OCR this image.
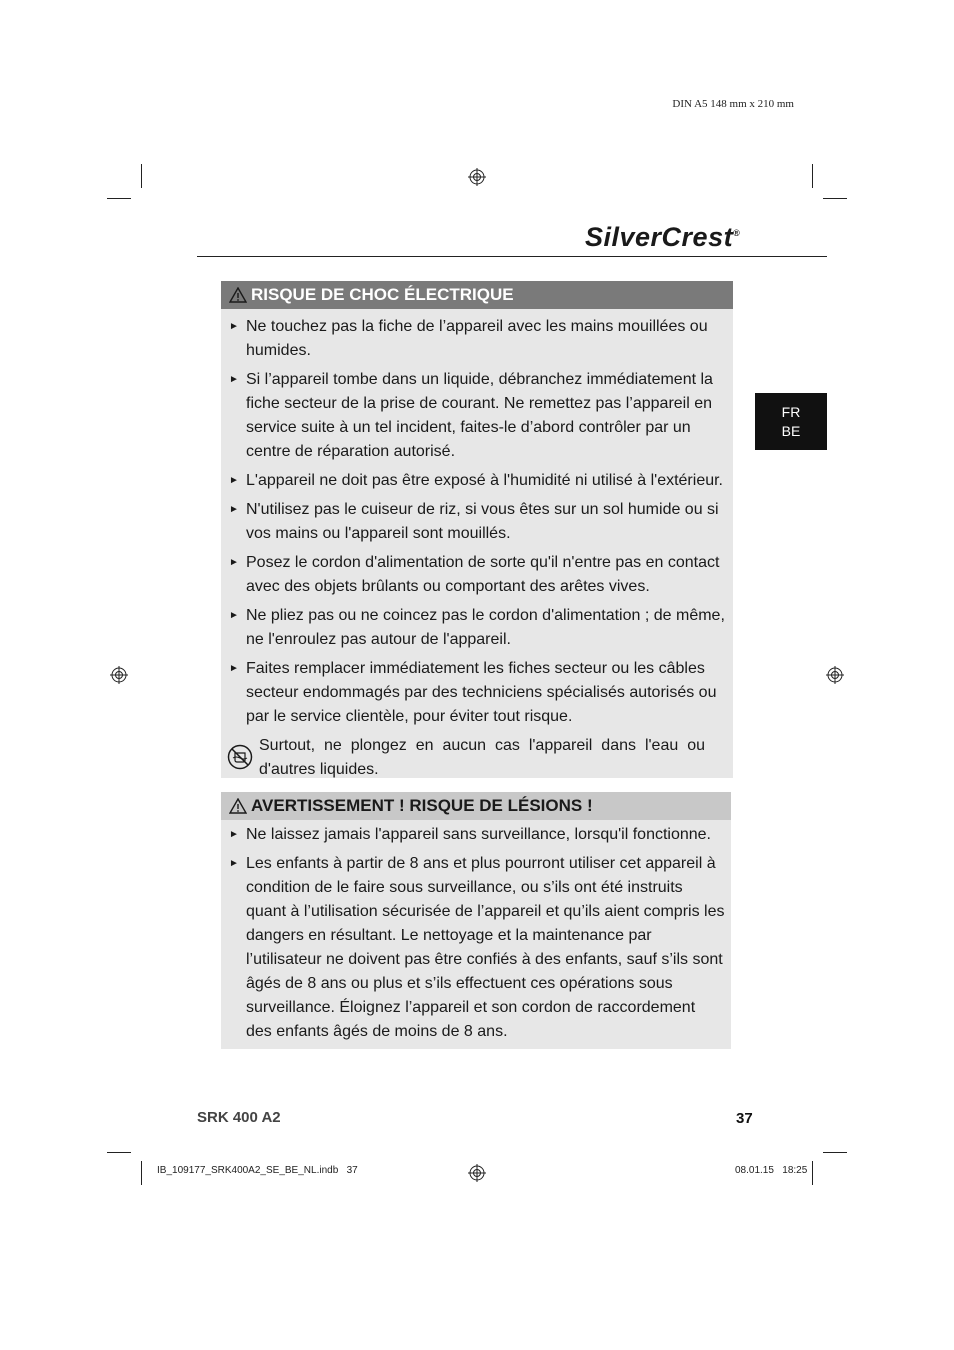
DIN A5 148 mm x 210 mm
SilverCrest®
FR
BE
RISQUE DE CHOC ÉLECTRIQUE
► Ne touchez pas la fiche de l’appareil avec les mains mouillées ou humides.
► Si l’appareil tombe dans un liquide, débranchez immédiatement la fiche secteur de la prise de courant. Ne remettez pas l’appareil en service suite à un tel incident, faites-le d’abord contrôler par un centre de réparation autorisé.
► L'appareil ne doit pas être exposé à l'humidité ni utilisé à l'extérieur.
► N'utilisez pas le cuiseur de riz, si vous êtes sur un sol humide ou si vos mains ou l'appareil sont mouillés.
► Posez le cordon d'alimentation de sorte qu'il n'entre pas en contact avec des objets brûlants ou comportant des arêtes vives.
► Ne pliez pas ou ne coincez pas le cordon d'alimentation ; de même, ne l'enroulez pas autour de l'appareil.
► Faites remplacer immédiatement les fiches secteur ou les câbles secteur endommagés par des techniciens spécialisés autorisés ou par le service clientèle, pour éviter tout risque.
Surtout, ne plongez en aucun cas l'appareil dans l'eau ou d'autres liquides.
AVERTISSEMENT ! RISQUE DE LÉSIONS !
► Ne laissez jamais l'appareil sans surveillance, lorsqu'il fonctionne.
► Les enfants à partir de 8 ans et plus pourront utiliser cet appareil à condition de le faire sous surveillance, ou s’ils ont été instruits quant à l’utilisation sécurisée de l’appareil et qu’ils aient compris les dangers en résultant. Le nettoyage et la maintenance par l’utilisateur ne doivent pas être confiés à des enfants, sauf s’ils sont âgés de 8 ans ou plus et s’ils effectuent ces opérations sous surveillance. Éloignez l’appareil et son cordon de raccordement des enfants âgés de moins de 8 ans.
SRK 400 A2	37
IB_109177_SRK400A2_SE_BE_NL.indb   37	08.01.15   18:25
